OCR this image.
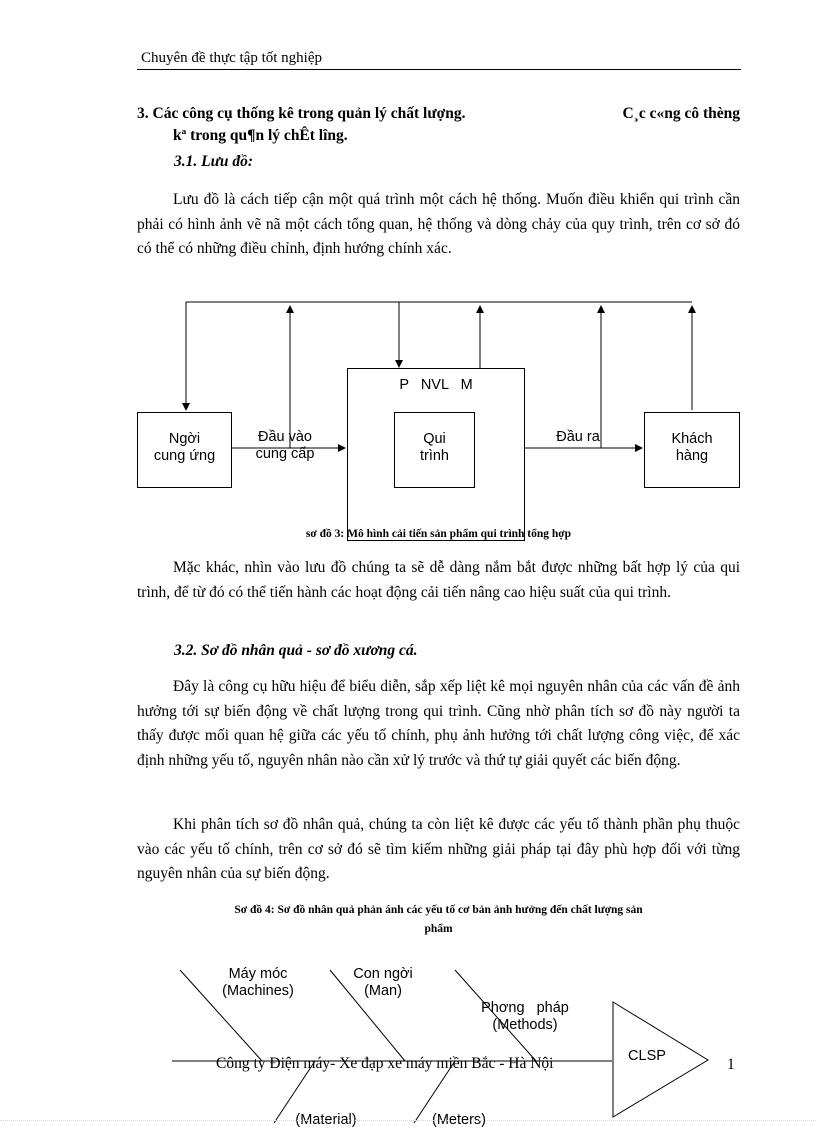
Chuyên đề thực tập tốt nghiệp
3. Các công cụ thống kê trong quản lý chất lượng.	C¸c c«ng cô thèng
kª trong qu¶n lý chÊt lîng.
3.1. Lưu đồ:
Lưu đồ là cách tiếp cận một quá trình một cách hệ thống. Muốn điều khiển qui trình cần phải có hình ảnh vẽ nã một cách tổng quan, hệ thống và dòng chảy của quy trình, trên cơ sở đó có thể có những điều chỉnh, định hướng chính xác.
Ngời
cung ứng
Đầu vào
cung cấp
P   NVL   M
Qui
trình
Đầu ra	Khách
hàng
sơ đồ 3: Mô hình cải tiến sản phẩm qui trình tổng hợp
Mặc khác, nhìn vào lưu đồ chúng ta sẽ dễ dàng nắm bắt được những bất hợp lý của qui trình, để từ đó có thể tiến hành các hoạt động cải tiến nâng cao hiệu suất của qui trình.
3.2. Sơ đồ nhân quả - sơ đồ xương cá.
Đây là công cụ hữu hiệu để biểu diễn, sắp xếp liệt kê mọi nguyên nhân của các vấn đề ảnh hưởng tới sự biến động về chất lượng trong qui trình. Cũng nhờ phân tích sơ đồ này người ta thấy được mối quan hệ giữa các yếu tố chính, phụ ảnh hưởng tới chất lượng công việc, để xác định những yếu tố, nguyên nhân nào cần xử lý trước và thứ tự giải quyết các biến động.
Khi phân tích sơ đồ nhân quả, chúng ta còn liệt kê được các yếu tố thành phần phụ thuộc vào các yếu tố chính, trên cơ sở đó sẽ tìm kiếm những giải pháp tại đây phù hợp đối với từng nguyên nhân của sự biến động.
Sơ đồ 4: Sơ đồ nhân quả phản ánh các yếu tố cơ bản ảnh hưởng đến chất lượng sản
phẩm
Máy móc
(Machines)
Con ngời
(Man)

Phơng   pháp
(Methods)

CLSP
(Material)	(Meters)
Công ty Điện máy- Xe đạp xe máy miền Bắc - Hà Nội	1
